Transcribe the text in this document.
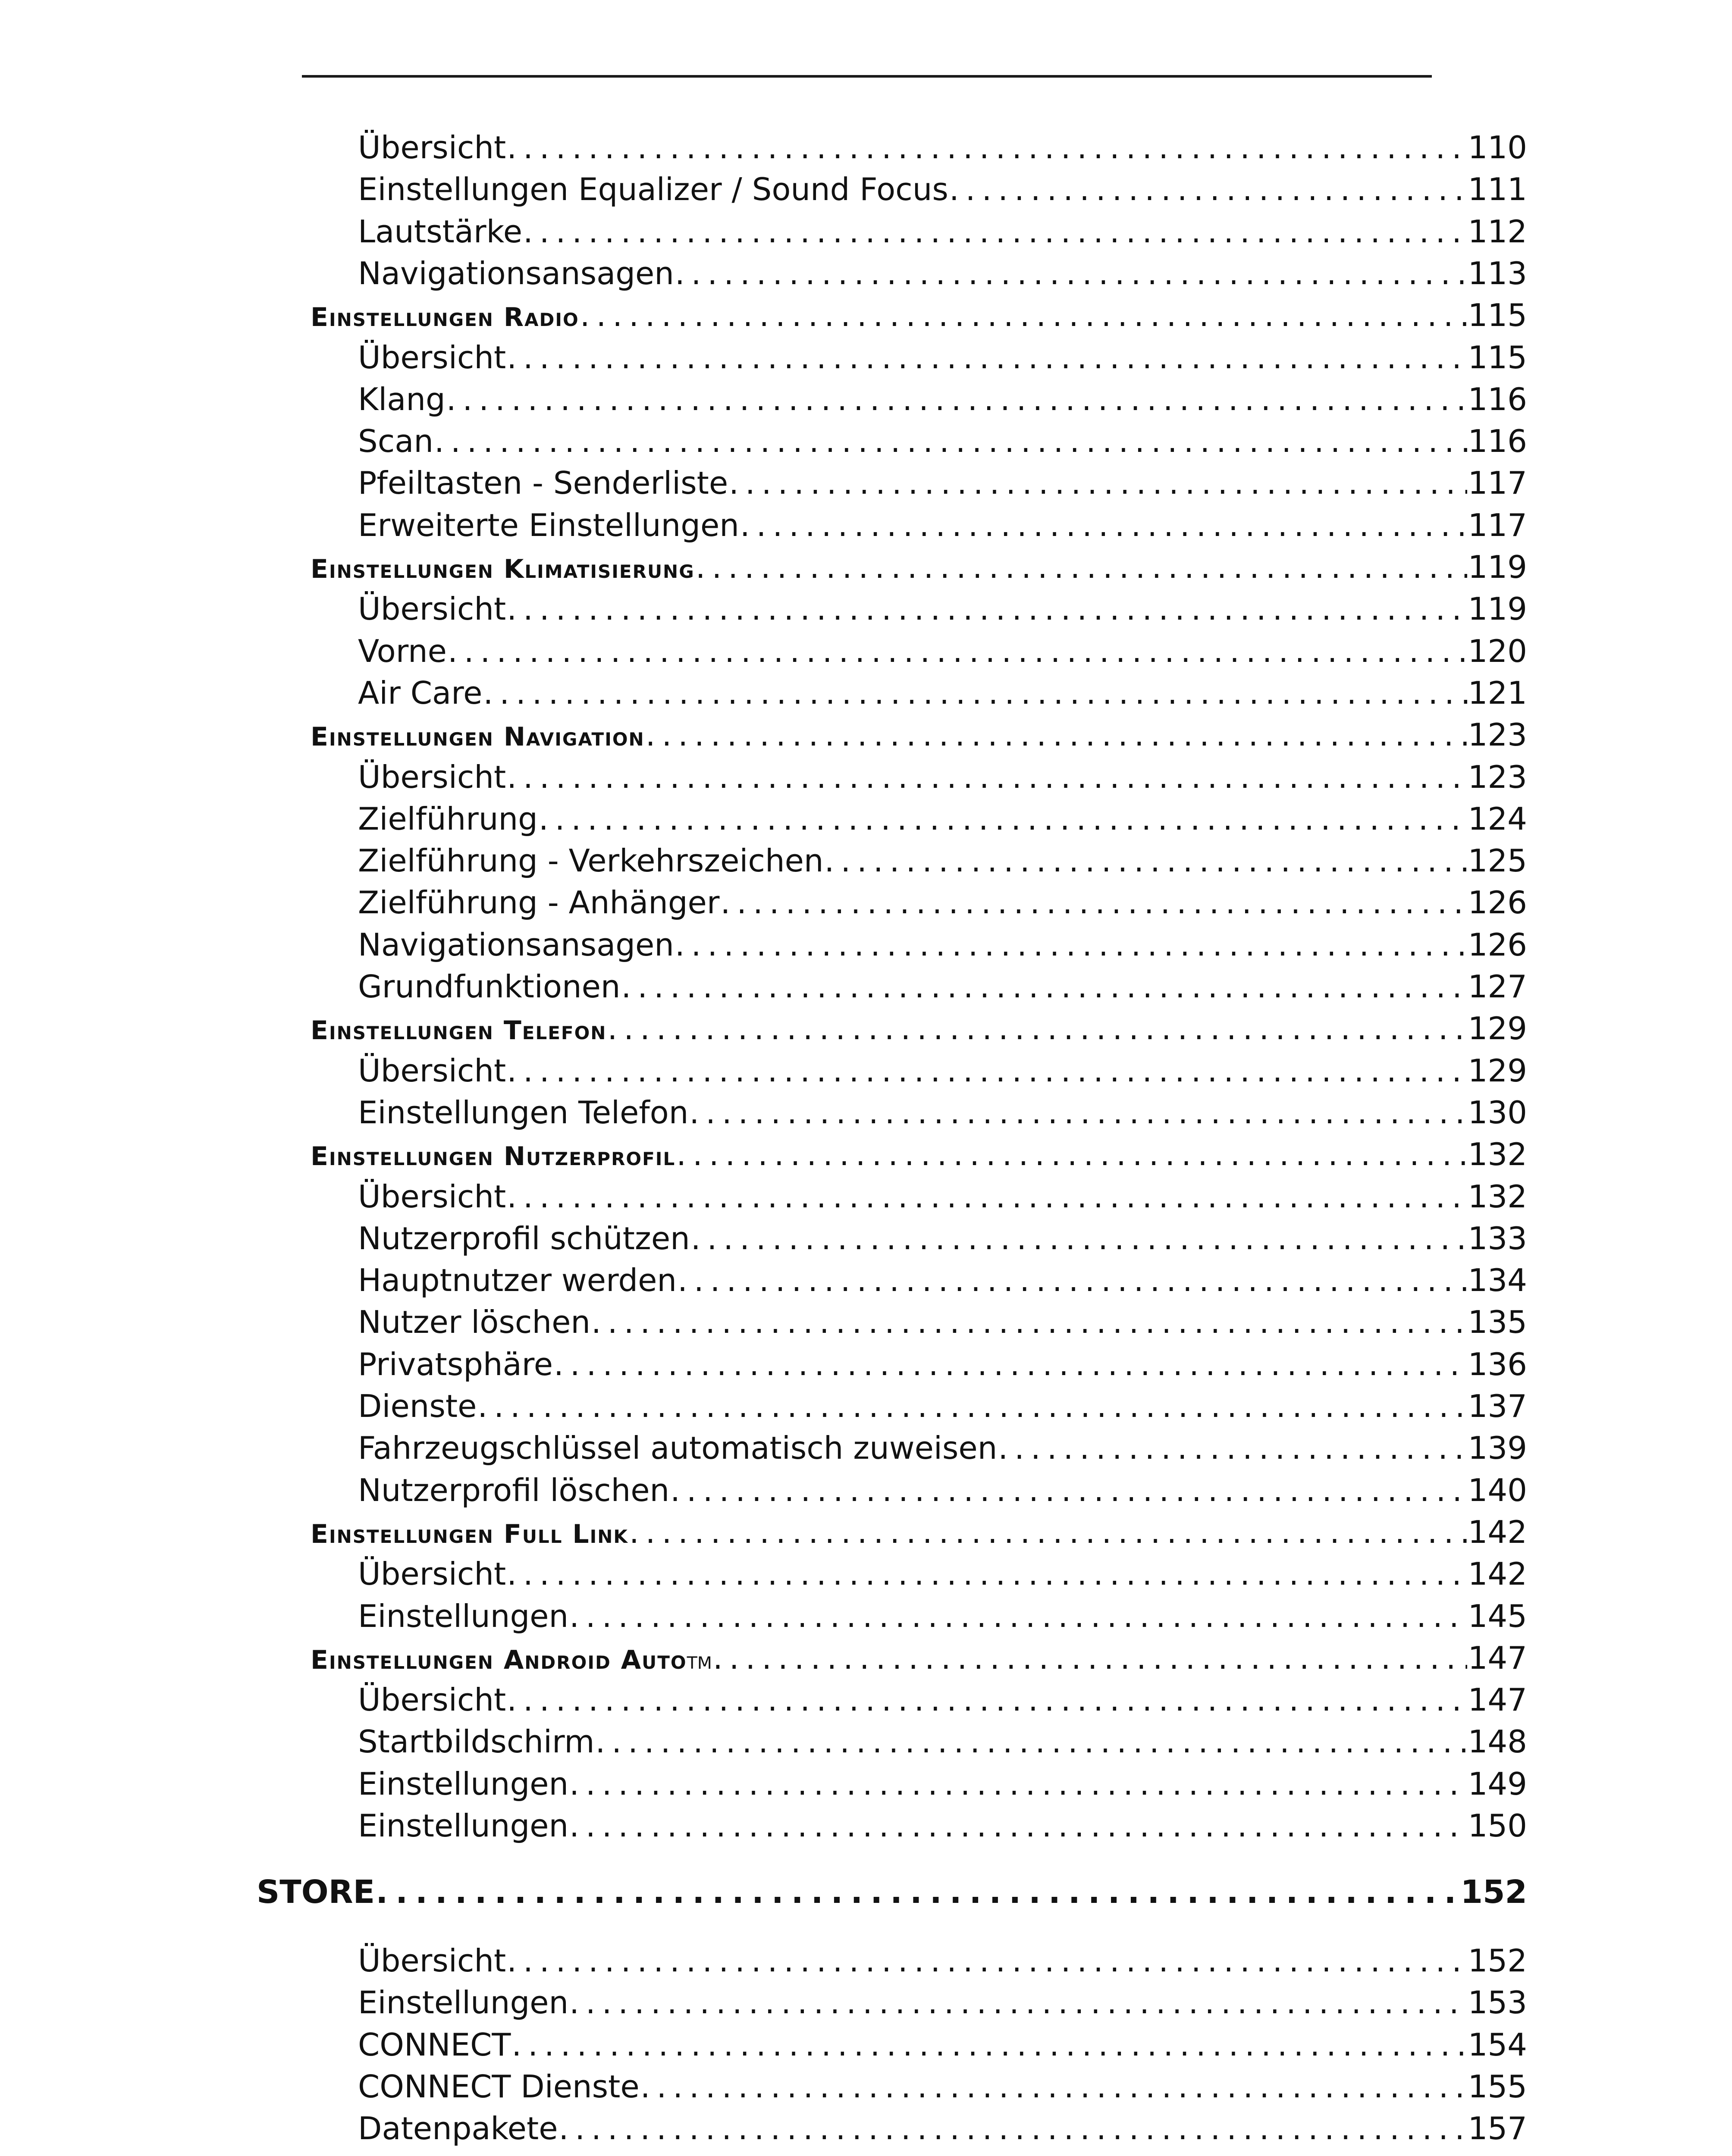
Übersicht . . .	110
Einstellungen Equalizer / Sound Focus . . .	111
Lautstärke . . .	112
Navigationsansagen . . .	113
Einstellungen Radio . . .	115
Übersicht . . .	115
Klang . . .	116
Scan . . .	116
Pfeiltasten - Senderliste . . .	117
Erweiterte Einstellungen . . .	117
Einstellungen Klimatisierung . . .	119
Übersicht . . .	119
Vorne . . .	120
Air Care . . .	121
Einstellungen Navigation . . .	123
Übersicht . . .	123
Zielführung . . .	124
Zielführung - Verkehrszeichen . . .	125
Zielführung - Anhänger . . .	126
Navigationsansagen . . .	126
Grundfunktionen . . .	127
Einstellungen Telefon . . .	129
Übersicht . . .	129
Einstellungen Telefon . . .	130
Einstellungen Nutzerprofil . . .	132
Übersicht . . .	132
Nutzerprofil schützen . . .	133
Hauptnutzer werden . . .	134
Nutzer löschen . . .	135
Privatsphäre . . .	136
Dienste . . .	137
Fahrzeugschlüssel automatisch zuweisen . . .	139
Nutzerprofil löschen . . .	140
Einstellungen Full Link . . .	142
Übersicht . . .	142
Einstellungen . . .	145
Einstellungen Android Auto TM . . .	147
Übersicht . . .	147
Startbildschirm . . .	148
Einstellungen . . .	149
Einstellungen . . .	150
STORE . . .	152
Übersicht . . .	152
Einstellungen . . .	153
CONNECT . . .	154
CONNECT Dienste . . .	155
Datenpakete . . .	157
